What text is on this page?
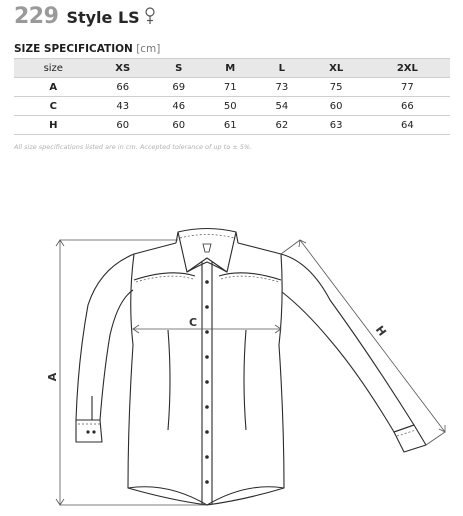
229 Style LS
SIZE SPECIFICATION [cm]
size	XS	S	M	L	XL	2XL
A	66	69	71	73	75	77
C	43	46	50	54	60	66
H	60	60	61	62	63	64
All size specifications listed are in cm. Accepted tolerance of up to ± 5%.
A
C
H
